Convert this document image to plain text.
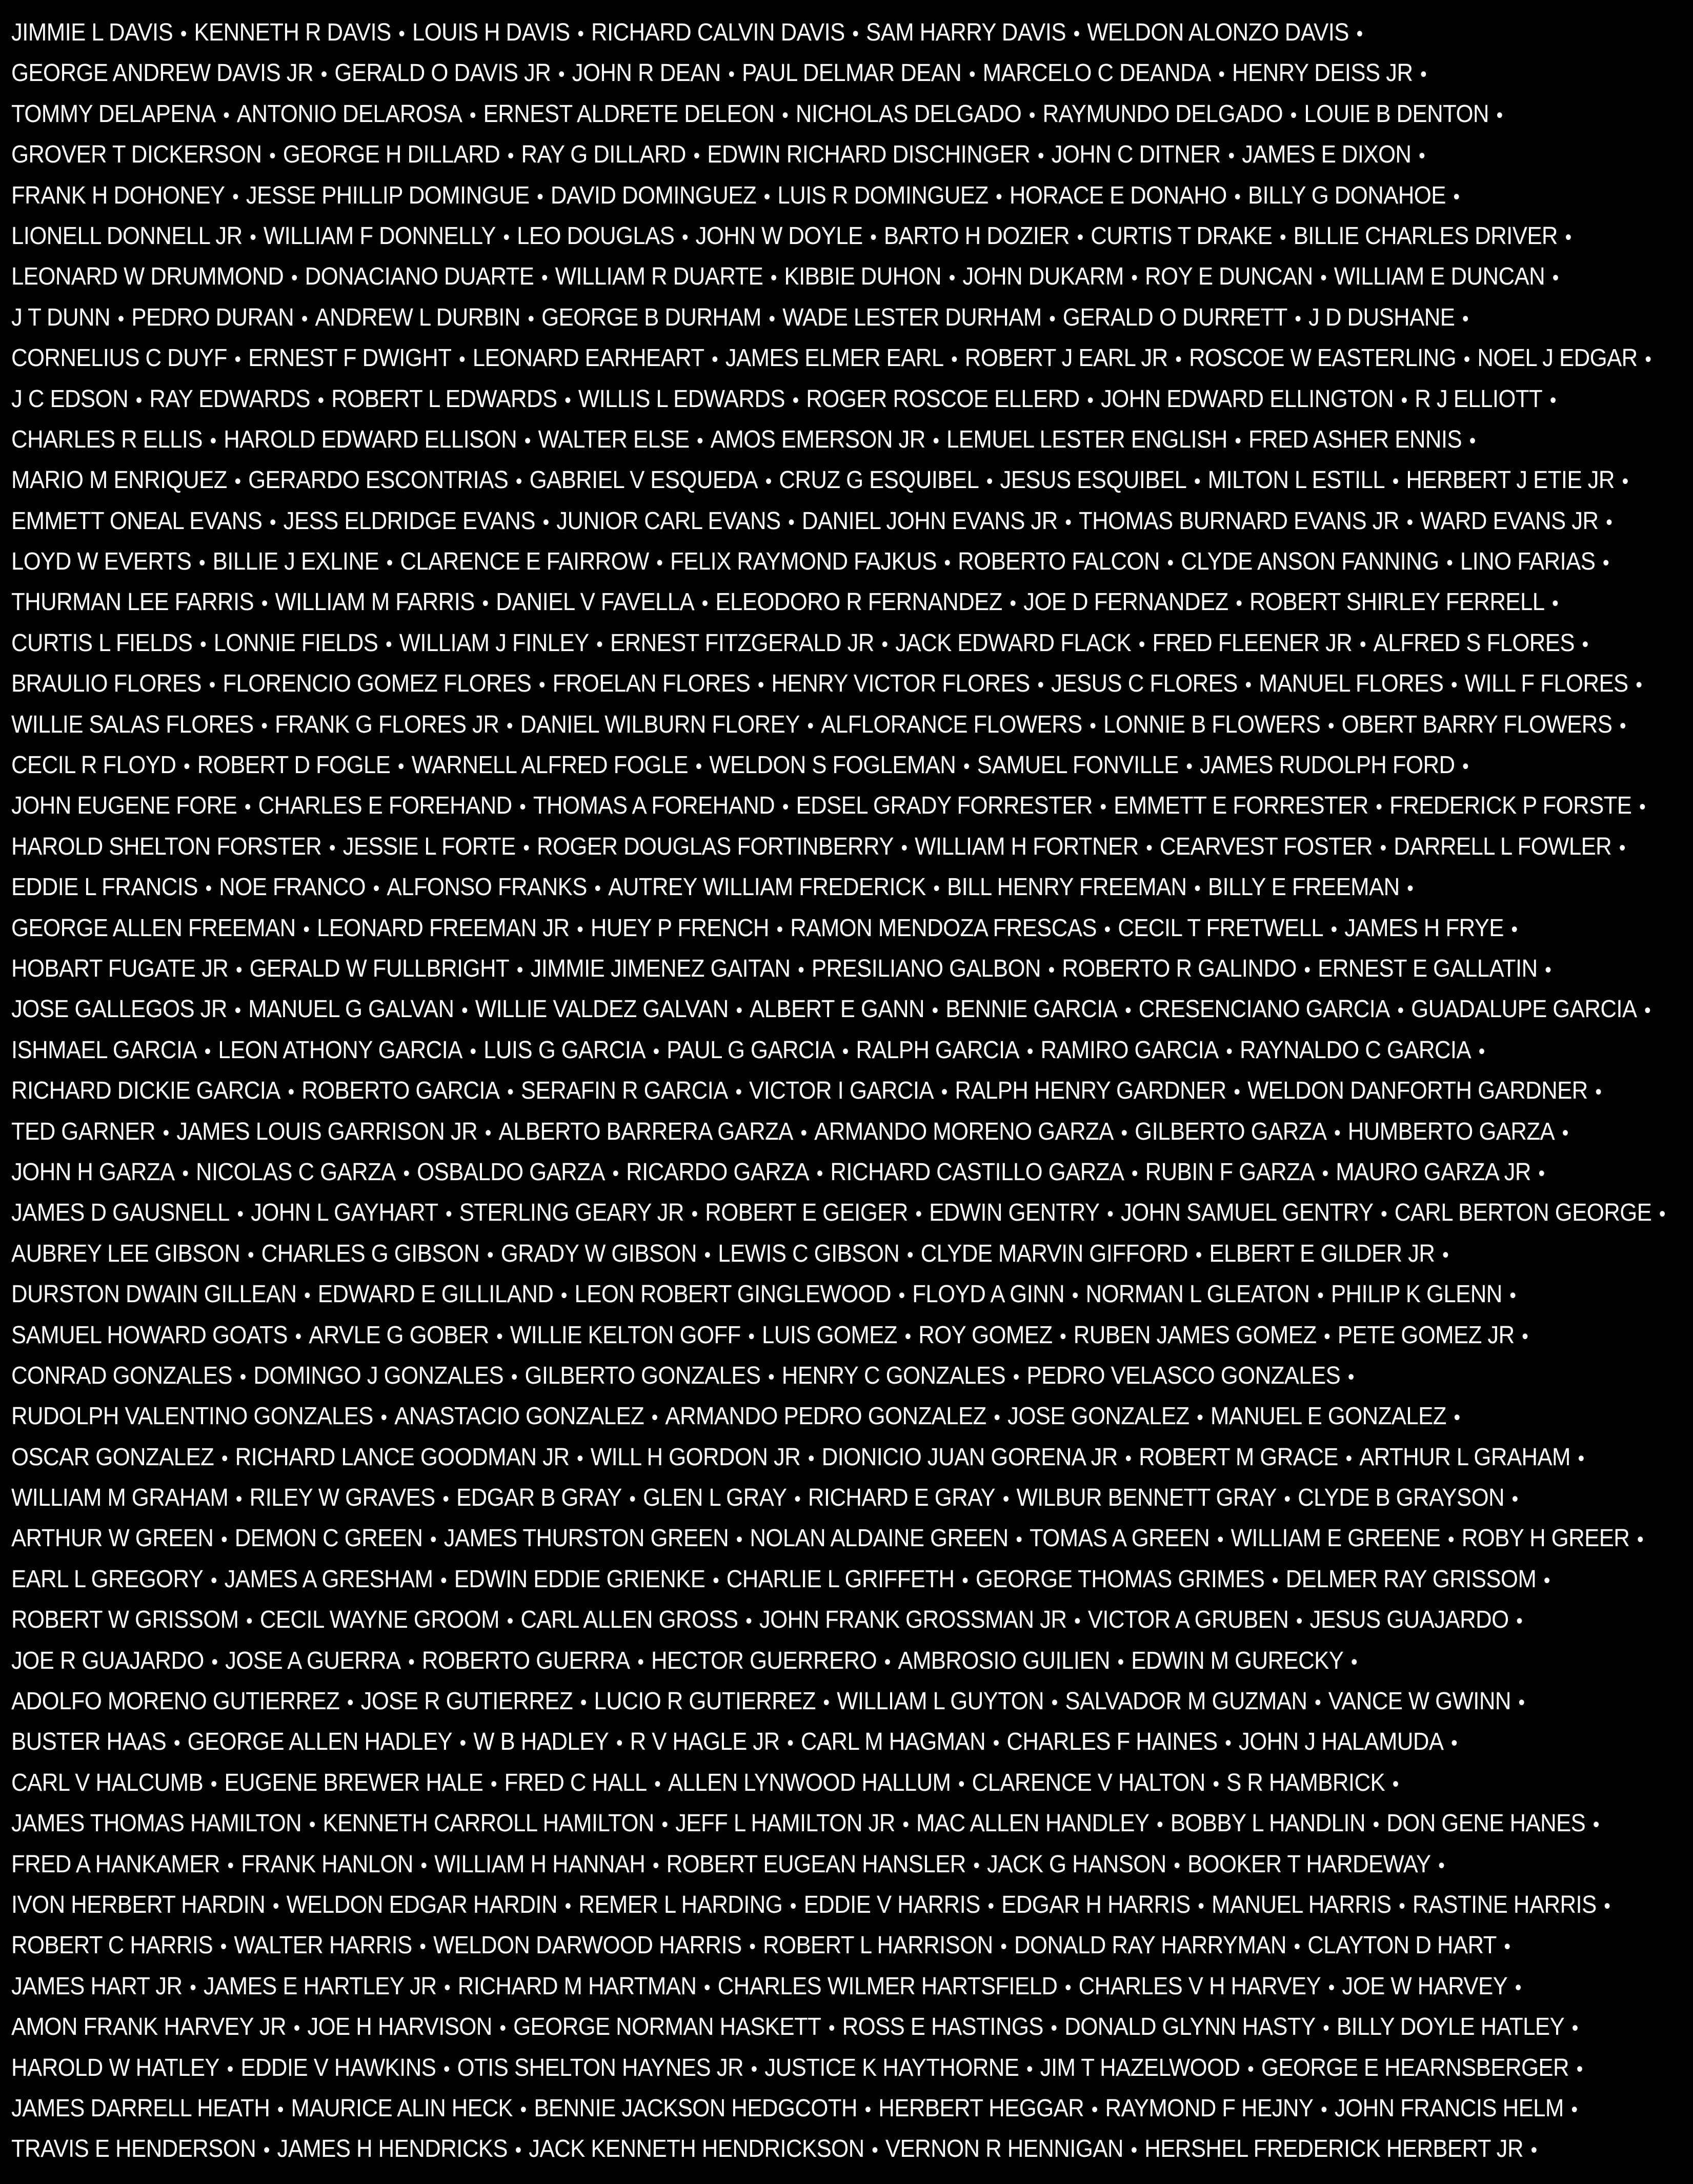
JIMMIE L DAVIS • KENNETH R DAVIS • LOUIS H DAVIS • RICHARD CALVIN DAVIS • SAM HARRY DAVIS • WELDON ALONZO DAVIS •
GEORGE ANDREW DAVIS JR • GERALD O DAVIS JR • JOHN R DEAN • PAUL DELMAR DEAN • MARCELO C DEANDA • HENRY DEISS JR •
TOMMY DELAPENA • ANTONIO DELAROSA • ERNEST ALDRETE DELEON • NICHOLAS DELGADO • RAYMUNDO DELGADO • LOUIE B DENTON •
GROVER T DICKERSON • GEORGE H DILLARD • RAY G DILLARD • EDWIN RICHARD DISCHINGER • JOHN C DITNER • JAMES E DIXON •
FRANK H DOHONEY • JESSE PHILLIP DOMINGUE • DAVID DOMINGUEZ • LUIS R DOMINGUEZ • HORACE E DONAHO • BILLY G DONAHOE •
LIONELL DONNELL JR • WILLIAM F DONNELLY • LEO DOUGLAS • JOHN W DOYLE • BARTO H DOZIER • CURTIS T DRAKE • BILLIE CHARLES DRIVER •
LEONARD W DRUMMOND • DONACIANO DUARTE • WILLIAM R DUARTE • KIBBIE DUHON • JOHN DUKARM • ROY E DUNCAN • WILLIAM E DUNCAN •
J T DUNN • PEDRO DURAN • ANDREW L DURBIN • GEORGE B DURHAM • WADE LESTER DURHAM • GERALD O DURRETT • J D DUSHANE •
CORNELIUS C DUYF • ERNEST F DWIGHT • LEONARD EARHEART • JAMES ELMER EARL • ROBERT J EARL JR • ROSCOE W EASTERLING • NOEL J EDGAR •
J C EDSON • RAY EDWARDS • ROBERT L EDWARDS • WILLIS L EDWARDS • ROGER ROSCOE ELLERD • JOHN EDWARD ELLINGTON • R J ELLIOTT •
CHARLES R ELLIS • HAROLD EDWARD ELLISON • WALTER ELSE • AMOS EMERSON JR • LEMUEL LESTER ENGLISH • FRED ASHER ENNIS •
MARIO M ENRIQUEZ • GERARDO ESCONTRIAS • GABRIEL V ESQUEDA • CRUZ G ESQUIBEL • JESUS ESQUIBEL • MILTON L ESTILL • HERBERT J ETIE JR •
EMMETT ONEAL EVANS • JESS ELDRIDGE EVANS • JUNIOR CARL EVANS • DANIEL JOHN EVANS JR • THOMAS BURNARD EVANS JR • WARD EVANS JR •
LOYD W EVERTS • BILLIE J EXLINE • CLARENCE E FAIRROW • FELIX RAYMOND FAJKUS • ROBERTO FALCON • CLYDE ANSON FANNING • LINO FARIAS •
THURMAN LEE FARRIS • WILLIAM M FARRIS • DANIEL V FAVELLA • ELEODORO R FERNANDEZ • JOE D FERNANDEZ • ROBERT SHIRLEY FERRELL •
CURTIS L FIELDS • LONNIE FIELDS • WILLIAM J FINLEY • ERNEST FITZGERALD JR • JACK EDWARD FLACK • FRED FLEENER JR • ALFRED S FLORES •
BRAULIO FLORES • FLORENCIO GOMEZ FLORES • FROELAN FLORES • HENRY VICTOR FLORES • JESUS C FLORES • MANUEL FLORES • WILL F FLORES •
WILLIE SALAS FLORES • FRANK G FLORES JR • DANIEL WILBURN FLOREY • ALFLORANCE FLOWERS • LONNIE B FLOWERS • OBERT BARRY FLOWERS •
CECIL R FLOYD • ROBERT D FOGLE • WARNELL ALFRED FOGLE • WELDON S FOGLEMAN • SAMUEL FONVILLE • JAMES RUDOLPH FORD •
JOHN EUGENE FORE • CHARLES E FOREHAND • THOMAS A FOREHAND • EDSEL GRADY FORRESTER • EMMETT E FORRESTER • FREDERICK P FORSTE •
HAROLD SHELTON FORSTER • JESSIE L FORTE • ROGER DOUGLAS FORTINBERRY • WILLIAM H FORTNER • CEARVEST FOSTER • DARRELL L FOWLER •
EDDIE L FRANCIS • NOE FRANCO • ALFONSO FRANKS • AUTREY WILLIAM FREDERICK • BILL HENRY FREEMAN • BILLY E FREEMAN •
GEORGE ALLEN FREEMAN • LEONARD FREEMAN JR • HUEY P FRENCH • RAMON MENDOZA FRESCAS • CECIL T FRETWELL • JAMES H FRYE •
HOBART FUGATE JR • GERALD W FULLBRIGHT • JIMMIE JIMENEZ GAITAN • PRESILIANO GALBON • ROBERTO R GALINDO • ERNEST E GALLATIN •
JOSE GALLEGOS JR • MANUEL G GALVAN • WILLIE VALDEZ GALVAN • ALBERT E GANN • BENNIE GARCIA • CRESENCIANO GARCIA • GUADALUPE GARCIA •
ISHMAEL GARCIA • LEON ATHONY GARCIA • LUIS G GARCIA • PAUL G GARCIA • RALPH GARCIA • RAMIRO GARCIA • RAYNALDO C GARCIA •
RICHARD DICKIE GARCIA • ROBERTO GARCIA • SERAFIN R GARCIA • VICTOR I GARCIA • RALPH HENRY GARDNER • WELDON DANFORTH GARDNER •
TED GARNER • JAMES LOUIS GARRISON JR • ALBERTO BARRERA GARZA • ARMANDO MORENO GARZA • GILBERTO GARZA • HUMBERTO GARZA •
JOHN H GARZA • NICOLAS C GARZA • OSBALDO GARZA • RICARDO GARZA • RICHARD CASTILLO GARZA • RUBIN F GARZA • MAURO GARZA JR •
JAMES D GAUSNELL • JOHN L GAYHART • STERLING GEARY JR • ROBERT E GEIGER • EDWIN GENTRY • JOHN SAMUEL GENTRY • CARL BERTON GEORGE •
AUBREY LEE GIBSON • CHARLES G GIBSON • GRADY W GIBSON • LEWIS C GIBSON • CLYDE MARVIN GIFFORD • ELBERT E GILDER JR •
DURSTON DWAIN GILLEAN • EDWARD E GILLILAND • LEON ROBERT GINGLEWOOD • FLOYD A GINN • NORMAN L GLEATON • PHILIP K GLENN •
SAMUEL HOWARD GOATS • ARVLE G GOBER • WILLIE KELTON GOFF • LUIS GOMEZ • ROY GOMEZ • RUBEN JAMES GOMEZ • PETE GOMEZ JR •
CONRAD GONZALES • DOMINGO J GONZALES • GILBERTO GONZALES • HENRY C GONZALES • PEDRO VELASCO GONZALES •
RUDOLPH VALENTINO GONZALES • ANASTACIO GONZALEZ • ARMANDO PEDRO GONZALEZ • JOSE GONZALEZ • MANUEL E GONZALEZ •
OSCAR GONZALEZ • RICHARD LANCE GOODMAN JR • WILL H GORDON JR • DIONICIO JUAN GORENA JR • ROBERT M GRACE • ARTHUR L GRAHAM •
WILLIAM M GRAHAM • RILEY W GRAVES • EDGAR B GRAY • GLEN L GRAY • RICHARD E GRAY • WILBUR BENNETT GRAY • CLYDE B GRAYSON •
ARTHUR W GREEN • DEMON C GREEN • JAMES THURSTON GREEN • NOLAN ALDAINE GREEN • TOMAS A GREEN • WILLIAM E GREENE • ROBY H GREER •
EARL L GREGORY • JAMES A GRESHAM • EDWIN EDDIE GRIENKE • CHARLIE L GRIFFETH • GEORGE THOMAS GRIMES • DELMER RAY GRISSOM •
ROBERT W GRISSOM • CECIL WAYNE GROOM • CARL ALLEN GROSS • JOHN FRANK GROSSMAN JR • VICTOR A GRUBEN • JESUS GUAJARDO •
JOE R GUAJARDO • JOSE A GUERRA • ROBERTO GUERRA • HECTOR GUERRERO • AMBROSIO GUILIEN • EDWIN M GURECKY •
ADOLFO MORENO GUTIERREZ • JOSE R GUTIERREZ • LUCIO R GUTIERREZ • WILLIAM L GUYTON • SALVADOR M GUZMAN • VANCE W GWINN •
BUSTER HAAS • GEORGE ALLEN HADLEY • W B HADLEY • R V HAGLE JR • CARL M HAGMAN • CHARLES F HAINES • JOHN J HALAMUDA •
CARL V HALCUMB • EUGENE BREWER HALE • FRED C HALL • ALLEN LYNWOOD HALLUM • CLARENCE V HALTON • S R HAMBRICK •
JAMES THOMAS HAMILTON • KENNETH CARROLL HAMILTON • JEFF L HAMILTON JR • MAC ALLEN HANDLEY • BOBBY L HANDLIN • DON GENE HANES •
FRED A HANKAMER • FRANK HANLON • WILLIAM H HANNAH • ROBERT EUGEAN HANSLER • JACK G HANSON • BOOKER T HARDEWAY •
IVON HERBERT HARDIN • WELDON EDGAR HARDIN • REMER L HARDING • EDDIE V HARRIS • EDGAR H HARRIS • MANUEL HARRIS • RASTINE HARRIS •
ROBERT C HARRIS • WALTER HARRIS • WELDON DARWOOD HARRIS • ROBERT L HARRISON • DONALD RAY HARRYMAN • CLAYTON D HART •
JAMES HART JR • JAMES E HARTLEY JR • RICHARD M HARTMAN • CHARLES WILMER HARTSFIELD • CHARLES V H HARVEY • JOE W HARVEY •
AMON FRANK HARVEY JR • JOE H HARVISON • GEORGE NORMAN HASKETT • ROSS E HASTINGS • DONALD GLYNN HASTY • BILLY DOYLE HATLEY •
HAROLD W HATLEY • EDDIE V HAWKINS • OTIS SHELTON HAYNES JR • JUSTICE K HAYTHORNE • JIM T HAZELWOOD • GEORGE E HEARNSBERGER •
JAMES DARRELL HEATH • MAURICE ALIN HECK • BENNIE JACKSON HEDGCOTH • HERBERT HEGGAR • RAYMOND F HEJNY • JOHN FRANCIS HELM •
TRAVIS E HENDERSON • JAMES H HENDRICKS • JACK KENNETH HENDRICKSON • VERNON R HENNIGAN • HERSHEL FREDERICK HERBERT JR •
